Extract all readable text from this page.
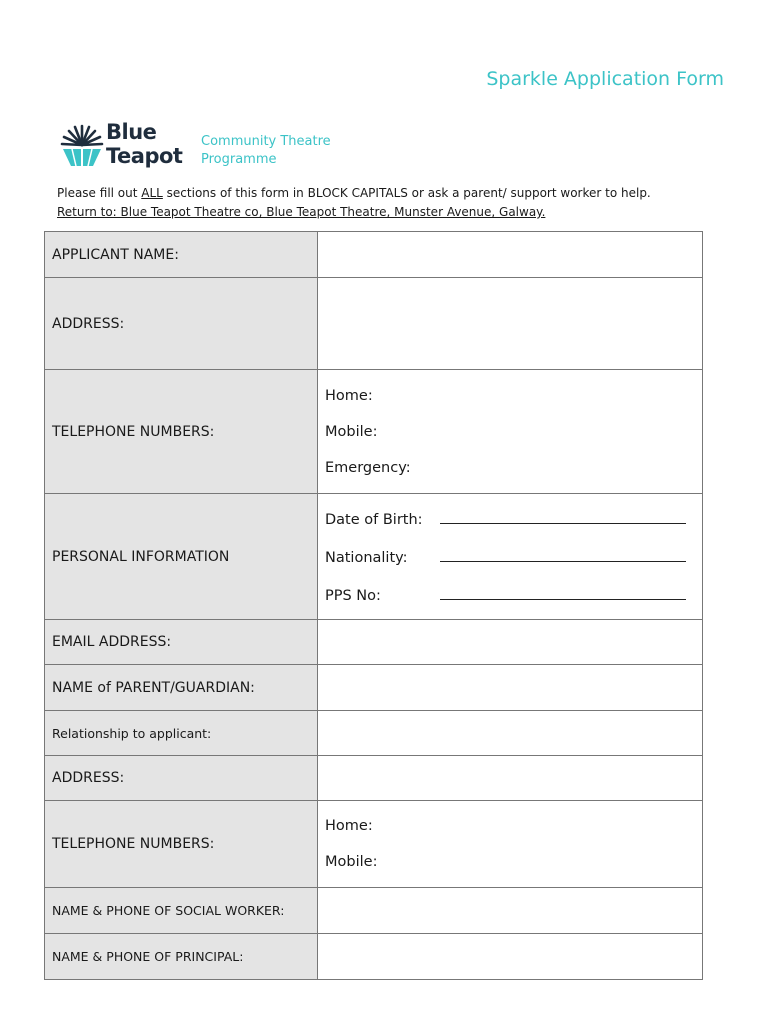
Sparkle Application Form
Blue
Teapot
Community Theatre
Programme
Please fill out ALL sections of this form in BLOCK CAPITALS or ask a parent/ support worker to help.
Return to: Blue Teapot Theatre co, Blue Teapot Theatre, Munster Avenue, Galway.
APPLICANT NAME:	
ADDRESS:	
TELEPHONE NUMBERS:	Home:
Mobile:
Emergency:

PERSONAL INFORMATION	Date of Birth:
Nationality:
PPS No:

EMAIL ADDRESS:	
NAME of PARENT/GUARDIAN:	
Relationship to applicant:	
ADDRESS:	
TELEPHONE NUMBERS:	Home:
Mobile:

NAME & PHONE OF SOCIAL WORKER:	
NAME & PHONE OF PRINCIPAL:	
